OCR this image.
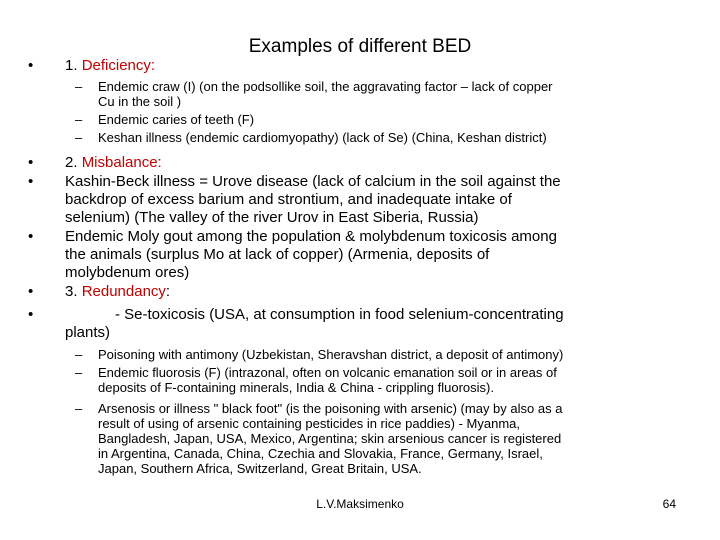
Examples of different BED
• 1. Deficiency:
– Endemic craw (I) (on the podsollike soil, the aggravating factor – lack of copper
Cu in the soil )
– Endemic caries of teeth (F)
– Keshan illness (endemic cardiomyopathy) (lack of Se) (China, Keshan district)
• 2. Misbalance:
• Kashin-Beck illness = Urove disease (lack of calcium in the soil against the
backdrop of excess barium and strontium, and inadequate intake of
selenium) (The valley of the river Urov in East Siberia, Russia)
• Endemic Moly gout among the population & molybdenum toxicosis among
the animals (surplus Mo at lack of copper) (Armenia, deposits of
molybdenum ores)
• 3. Redundancy:
•	- Se-toxicosis (USA, at consumption in food selenium-concentrating
plants)
– Poisoning with antimony (Uzbekistan, Sheravshan district, a deposit of antimony)
– Endemic fluorosis (F) (intrazonal, often on volcanic emanation soil or in areas of
deposits of F-containing minerals, India & China - crippling fluorosis).
– Arsenosis or illness " black foot" (is the poisoning with arsenic) (may by also as a
result of using of arsenic containing pesticides in rice paddies) - Myanma,
Bangladesh, Japan, USA, Mexico, Argentina; skin arsenious cancer is registered
in Argentina, Canada, China, Czechia and Slovakia, France, Germany, Israel,
Japan, Southern Africa, Switzerland, Great Britain, USA.
L.V.Maksimenko	64
